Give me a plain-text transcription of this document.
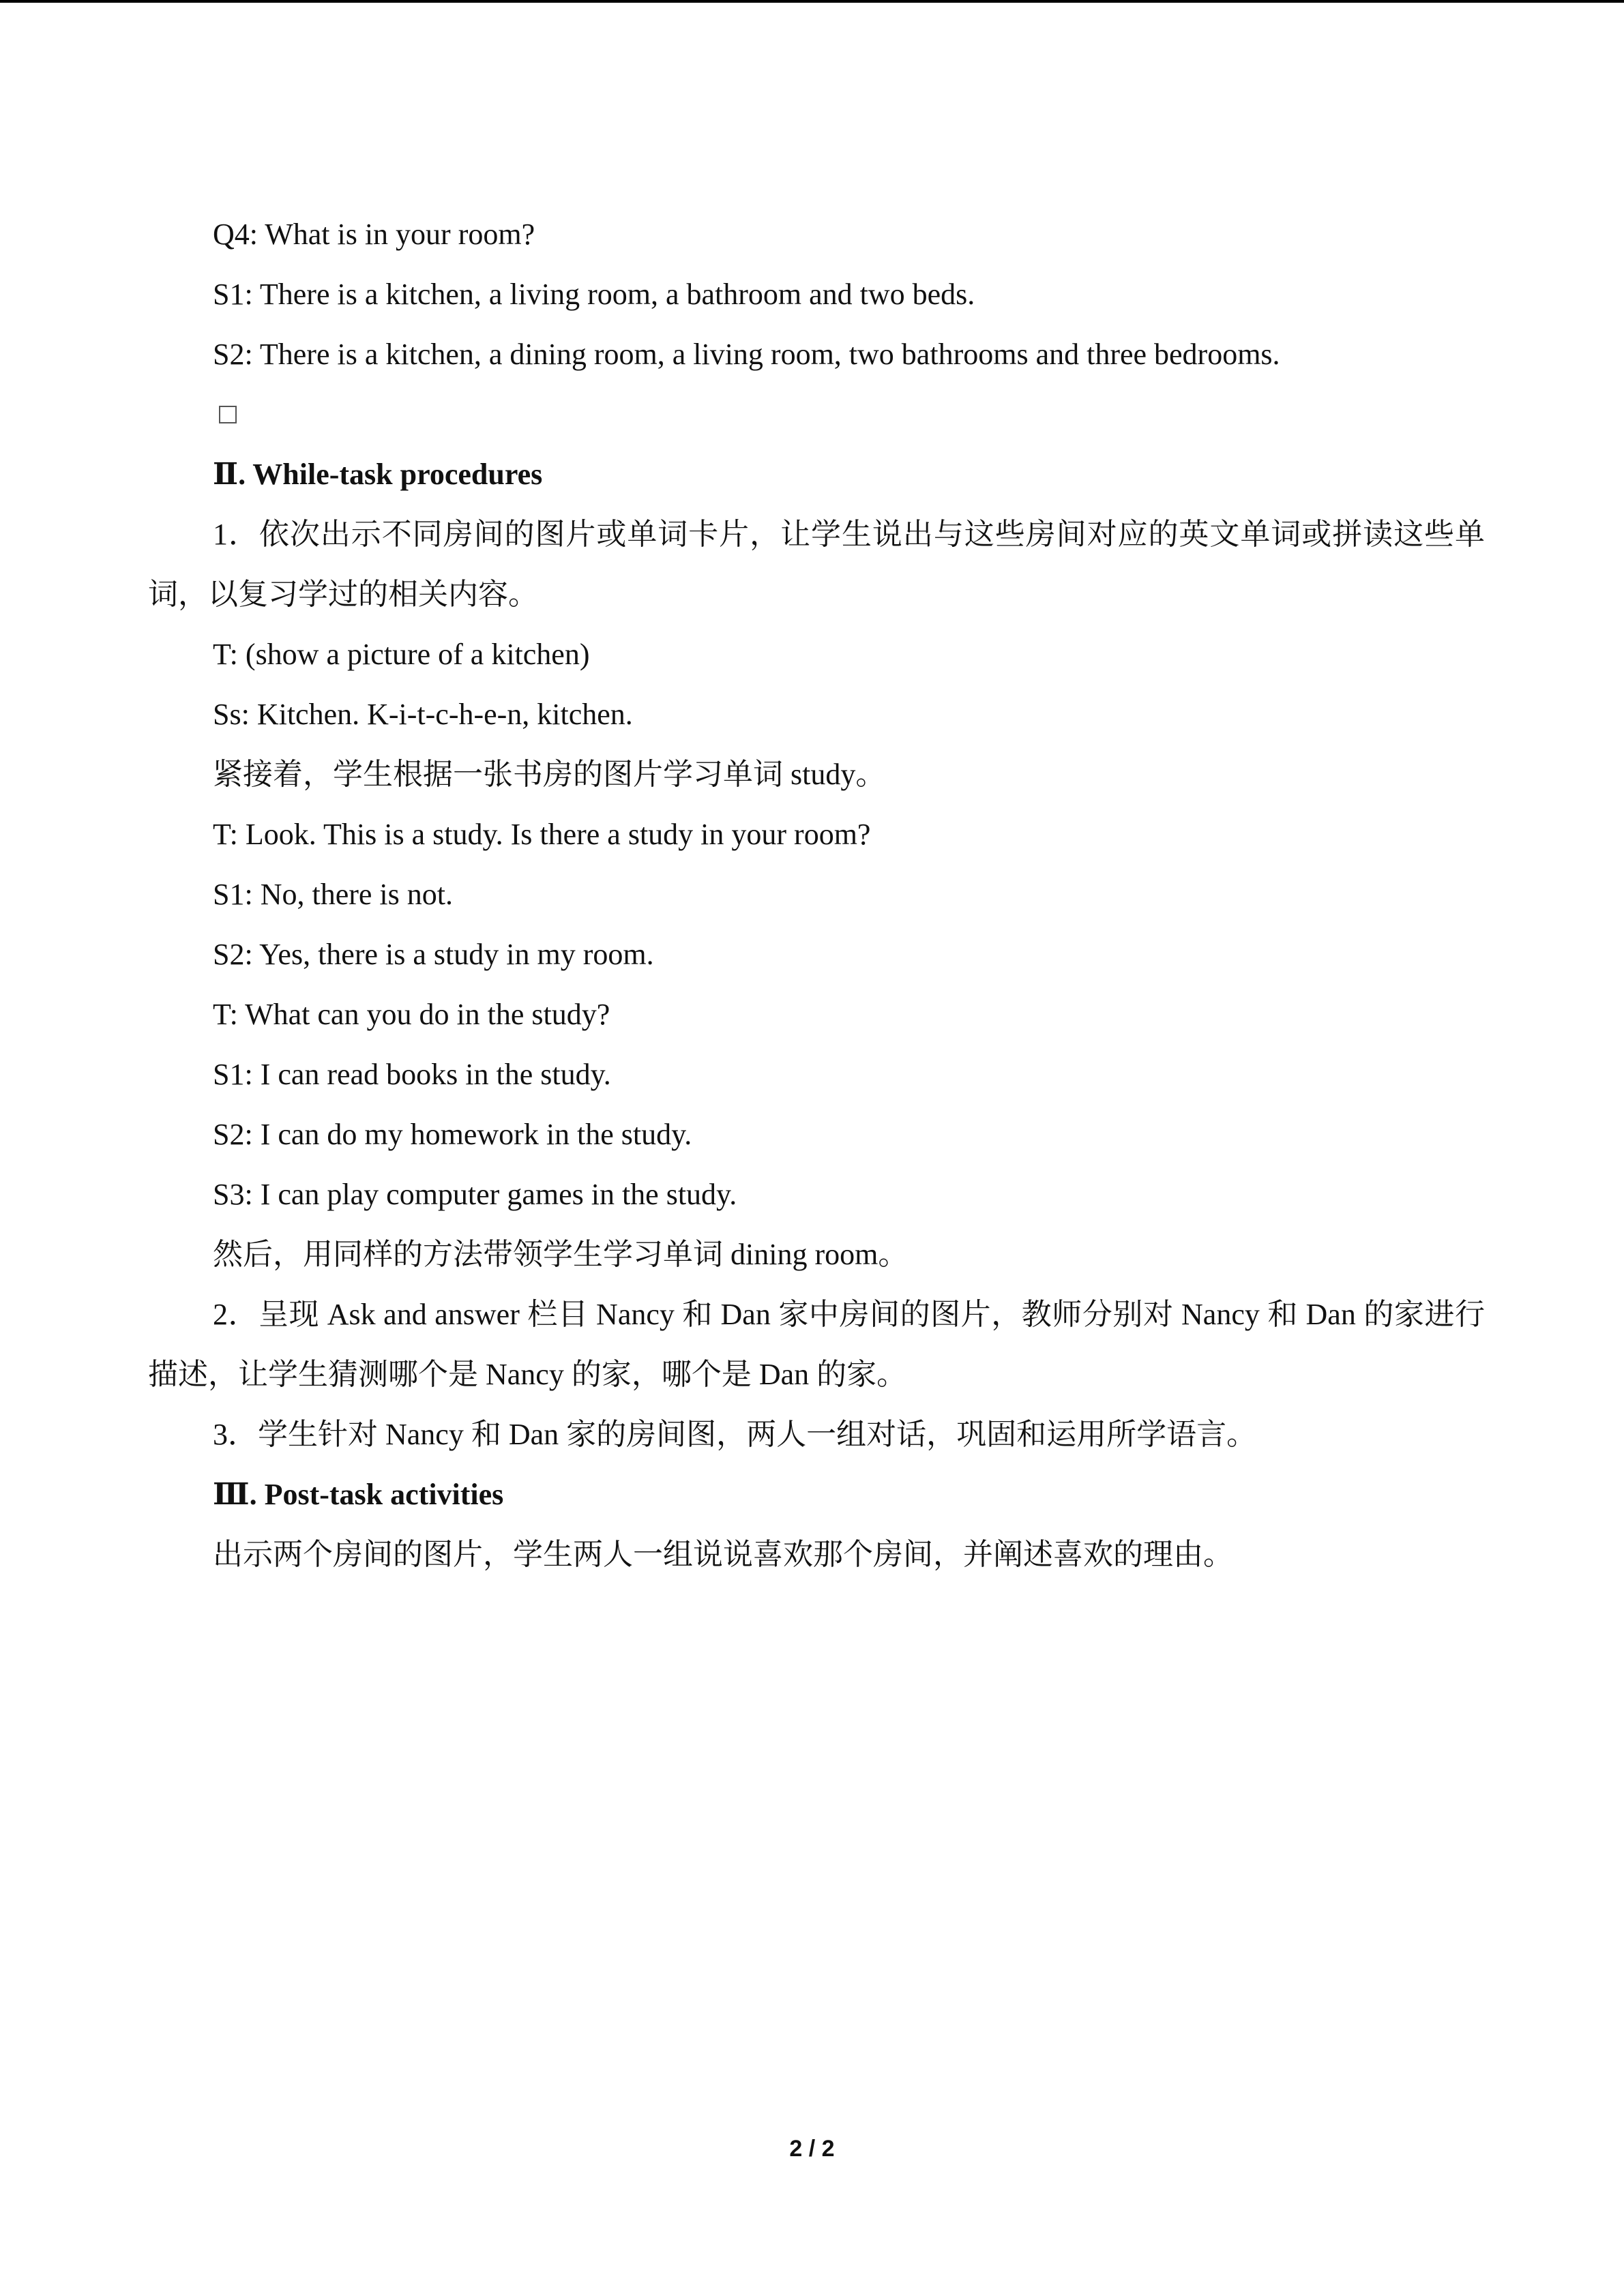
Q4: What is in your room?

S1: There is a kitchen, a living room, a bathroom and two beds.

S2: There is a kitchen, a dining room, a living room, two bathrooms and three bedrooms.

Ⅱ. While-task procedures

1．依次出示不同房间的图片或单词卡片，让学生说出与这些房间对应的英文单词或拼读这些单词，以复习学过的相关内容。

T: (show a picture of a kitchen)

Ss: Kitchen. K-i-t-c-h-e-n, kitchen.

紧接着，学生根据一张书房的图片学习单词 study。

T: Look. This is a study. Is there a study in your room?

S1: No, there is not.

S2: Yes, there is a study in my room.

T: What can you do in the study?

S1: I can read books in the study.

S2: I can do my homework in the study.

S3: I can play computer games in the study.

然后，用同样的方法带领学生学习单词 dining room。

2．呈现 Ask and answer 栏目 Nancy 和 Dan 家中房间的图片，教师分别对 Nancy 和 Dan 的家进行描述，让学生猜测哪个是 Nancy 的家，哪个是 Dan 的家。

3．学生针对 Nancy 和 Dan 家的房间图，两人一组对话，巩固和运用所学语言。

Ⅲ. Post-task activities

出示两个房间的图片，学生两人一组说说喜欢那个房间，并阐述喜欢的理由。

2 / 2
